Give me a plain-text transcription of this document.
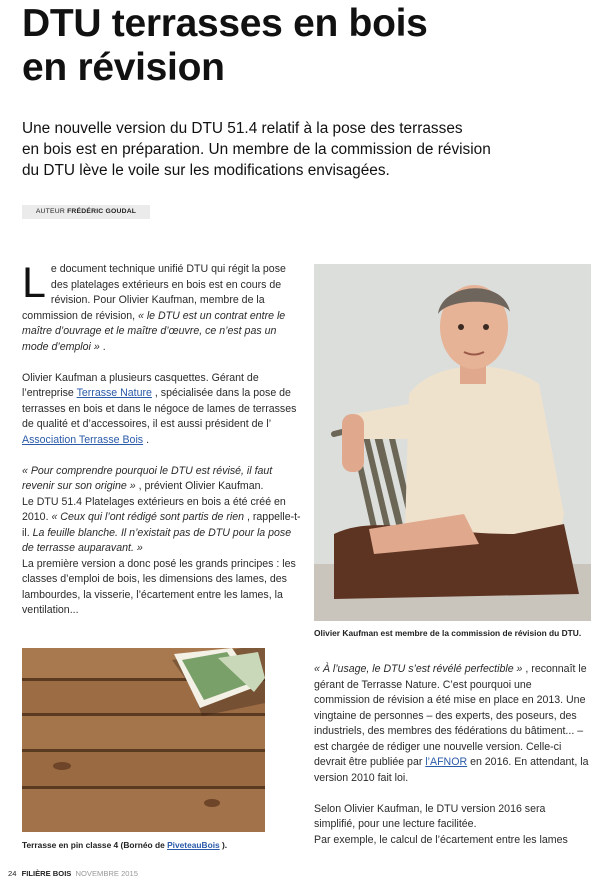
DTU terrasses en bois
en révision

Une nouvelle version du DTU 51.4 relatif à la pose des terrasses
en bois est en préparation. Un membre de la commission de révision
du DTU lève le voile sur les modifications envisagées.

AUTEUR FRÉDÉRIC GOUDAL

L e document technique unifié DTU qui régit la pose des platelages extérieurs en bois est en cours de révision. Pour Olivier Kaufman, membre de la commission de révision, « le DTU est un contrat entre le maître d’ouvrage et le maître d’œuvre, ce n’est pas un mode d’emploi » .

Olivier Kaufman a plusieurs casquettes. Gérant de l’entreprise Terrasse Nature , spécialisée dans la pose de terrasses en bois et dans le négoce de lames de terrasses de qualité et d’accessoires, il est aussi président de l’ Association Terrasse Bois .

« Pour comprendre pourquoi le DTU est révisé, il faut revenir sur son origine » , prévient Olivier Kaufman.

Le DTU 51.4 Platelages extérieurs en bois a été créé en 2010. « Ceux qui l’ont rédigé sont partis de rien , rappelle-t-il. La feuille blanche. Il n’existait pas de DTU pour la pose de terrasse auparavant. »

La première version a donc posé les grands principes : les classes d’emploi de bois, les dimensions des lames, des lambourdes, la visserie, l’écartement entre les lames, la ventilation...

Olivier Kaufman est membre de la commission de révision du DTU.

« À l’usage, le DTU s’est révélé perfectible » , reconnaît le gérant de Terrasse Nature. C’est pourquoi une commission de révision a été mise en place en 2013. Une vingtaine de personnes – des experts, des poseurs, des industriels, des membres des fédérations du bâtiment... – est chargée de rédiger une nouvelle version. Celle-ci devrait être publiée par l’AFNOR en 2016. En attendant, la version 2010 fait loi.

Selon Olivier Kaufman, le DTU version 2016 sera simplifié, pour une lecture facilitée.

Par exemple, le calcul de l’écartement entre les lames

Terrasse en pin classe 4 (Bornéo de PiveteauBois ).
24 FILIÈRE BOIS NOVEMBRE 2015
